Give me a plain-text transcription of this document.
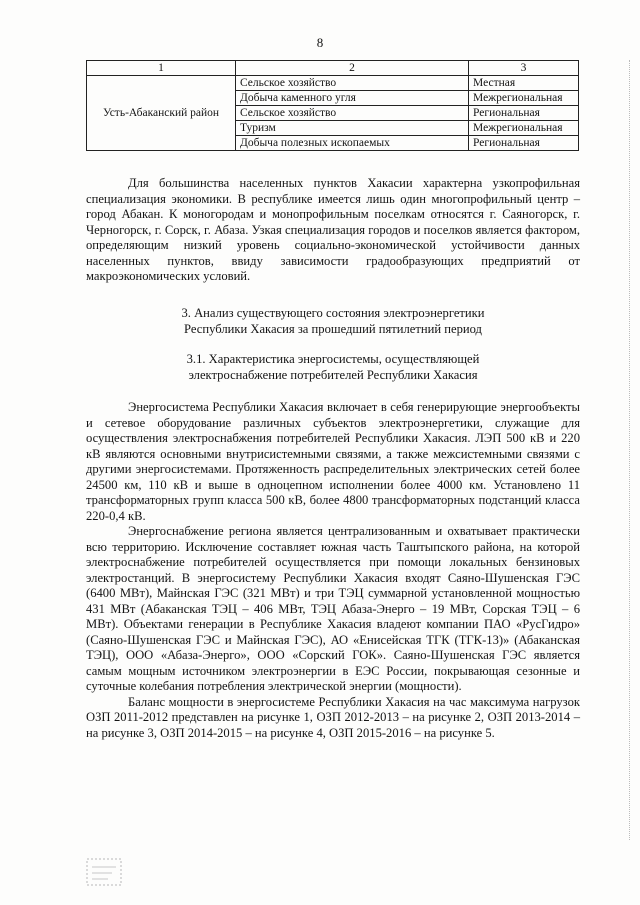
8
1	2	3
Усть-Абаканский район	Сельское хозяйство	Местная
	Добыча каменного угля	Межрегиональная
	Сельское хозяйство	Региональная
	Туризм	Межрегиональная
	Добыча полезных ископаемых	Региональная

Для большинства населенных пунктов Хакасии характерна узкопрофильная специализация экономики. В республике имеется лишь один многопрофильный центр – город Абакан. К моногородам и монопрофильным поселкам относятся г. Саяногорск, г. Черногорск, г. Сорск, г. Абаза. Узкая специализация городов и поселков является фактором, определяющим низкий уровень социально-экономической устойчивости данных населенных пунктов, ввиду зависимости градообразующих предприятий от макроэкономических условий.

3. Анализ существующего состояния электроэнергетики
Республики Хакасия за прошедший пятилетний период
3.1. Характеристика энергосистемы, осуществляющей
электроснабжение потребителей Республики Хакасия

Энергосистема Республики Хакасия включает в себя генерирующие энергообъекты и сетевое оборудование различных субъектов электроэнергетики, служащие для осуществления электроснабжения потребителей Республики Хакасия. ЛЭП 500 кВ и 220 кВ являются основными внутрисистемными связями, а также межсистемными связями с другими энергосистемами. Протяженность распределительных электрических сетей более 24500 км, 110 кВ и выше в одноцепном исполнении более 4000 км. Установлено 11 трансформаторных групп класса 500 кВ, более 4800 трансформаторных подстанций класса 220-0,4 кВ.

Энергоснабжение региона является централизованным и охватывает практически всю территорию. Исключение составляет южная часть Таштыпского района, на которой электроснабжение потребителей осуществляется при помощи локальных бензиновых электростанций. В энергосистему Республики Хакасия входят Саяно-Шушенская ГЭС (6400 МВт), Майнская ГЭС (321 МВт) и три ТЭЦ суммарной установленной мощностью 431 МВт (Абаканская ТЭЦ – 406 МВт, ТЭЦ Абаза-Энерго – 19 МВт, Сорская ТЭЦ – 6 МВт). Объектами генерации в Республике Хакасия владеют компании ПАО «РусГидро» (Саяно-Шушенская ГЭС и Майнская ГЭС), АО «Енисейская ТГК (ТГК-13)» (Абаканская ТЭЦ), ООО «Абаза-Энерго», ООО «Сорский ГОК». Саяно-Шушенская ГЭС является самым мощным источником электроэнергии в ЕЭС России, покрывающая сезонные и суточные колебания потребления электрической энергии (мощности).

Баланс мощности в энергосистеме Республики Хакасия на час максимума нагрузок ОЗП 2011-2012 представлен на рисунке 1, ОЗП 2012-2013 – на рисунке 2, ОЗП 2013-2014 – на рисунке 3, ОЗП 2014-2015 – на рисунке 4, ОЗП 2015-2016 – на рисунке 5.
